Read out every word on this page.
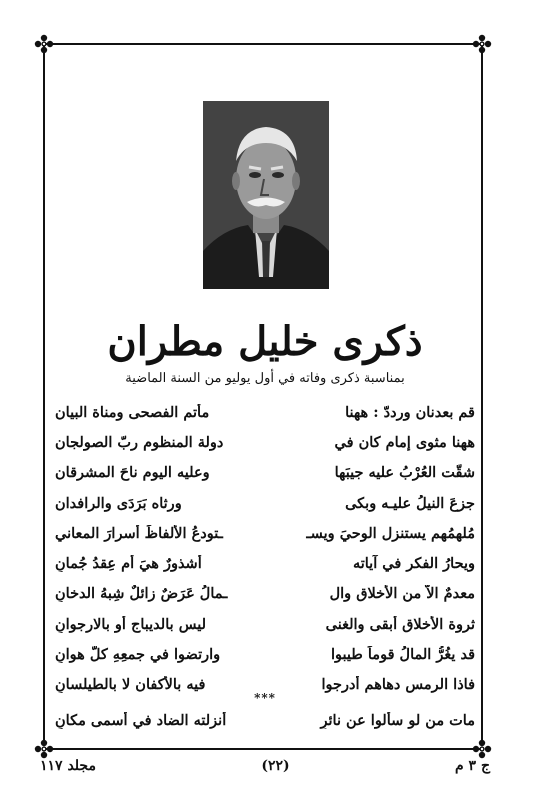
ذكرى خليل مطران
بمناسبة ذكرى وفاته في أول يوليو من السنة الماضية
قم بعدنان ورددّ : ههنا
مأتم الفصحى ومناة البيان
ههنا مثوى إمام كان في
دولة المنظوم ربّ الصولجان
شقّت العُرْبُ عليه جيبَها
وعليه اليوم ناحَ المشرقان
جزعَ النيلُ عليـه وبكى
ورثاه بَرَدَى والرافدان
مُلهمُهم يستنزل الوحيَ ويسـ
ـتودعُ الألفاظَ أسرارَ المعاني
ويحارُ الفكر في آياته
أشذورٌ هيَ أم عِقدُ جُمانِ
معدمٌ الاّ من الأخلاق وال
ـمالُ عَرَضٌ زائلٌ شِبهُ الدخانِ
ثروة الأخلاق أبقى والغنى
ليس بالديباج أو بالارجوانِ
قد يغُرُّ المالُ قوماً طيبوا
وارتضوا في جمعِهِ كلَّ هوانِ
فاذا الرمس دهاهم أدرجوا
فيه بالأكفان لا بالطيلسانِ
***
مات من لو سألوا عن نائرٍ
أنزلته الضاد في أسمى مكانِ
ج ۳ م
(٢٢)
مجلد ١١٧
